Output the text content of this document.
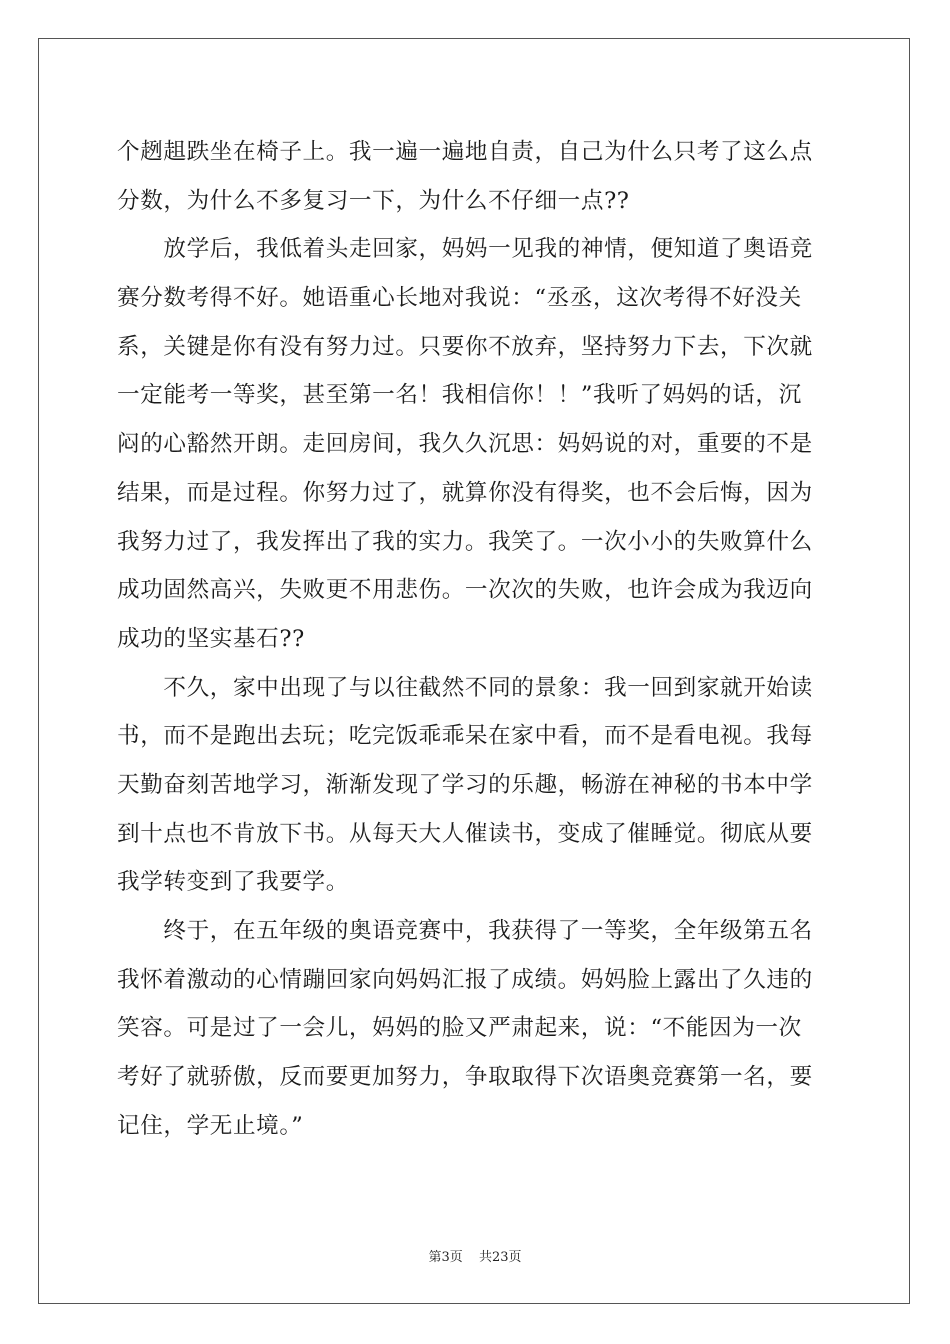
个趔趄跌坐在椅子上。我一遍一遍地自责，自己为什么只考了这么点
分数，为什么不多复习一下，为什么不仔细一点??
　　放学后，我低着头走回家，妈妈一见我的神情，便知道了奥语竞
赛分数考得不好。她语重心长地对我说：“丞丞，这次考得不好没关
系，关键是你有没有努力过。只要你不放弃，坚持努力下去，下次就
一定能考一等奖，甚至第一名！我相信你！！”我听了妈妈的话，沉
闷的心豁然开朗。走回房间，我久久沉思：妈妈说的对，重要的不是
结果，而是过程。你努力过了，就算你没有得奖，也不会后悔，因为
我努力过了，我发挥出了我的实力。我笑了。一次小小的失败算什么
成功固然高兴，失败更不用悲伤。一次次的失败，也许会成为我迈向
成功的坚实基石??
　　不久，家中出现了与以往截然不同的景象：我一回到家就开始读
书，而不是跑出去玩；吃完饭乖乖呆在家中看，而不是看电视。我每
天勤奋刻苦地学习，渐渐发现了学习的乐趣，畅游在神秘的书本中学
到十点也不肯放下书。从每天大人催读书，变成了催睡觉。彻底从要
我学转变到了我要学。
　　终于，在五年级的奥语竞赛中，我获得了一等奖，全年级第五名
我怀着激动的心情蹦回家向妈妈汇报了成绩。妈妈脸上露出了久违的
笑容。可是过了一会儿，妈妈的脸又严肃起来，说：“不能因为一次
考好了就骄傲，反而要更加努力，争取取得下次语奥竞赛第一名，要
记住，学无止境。”
第3页 共23页
